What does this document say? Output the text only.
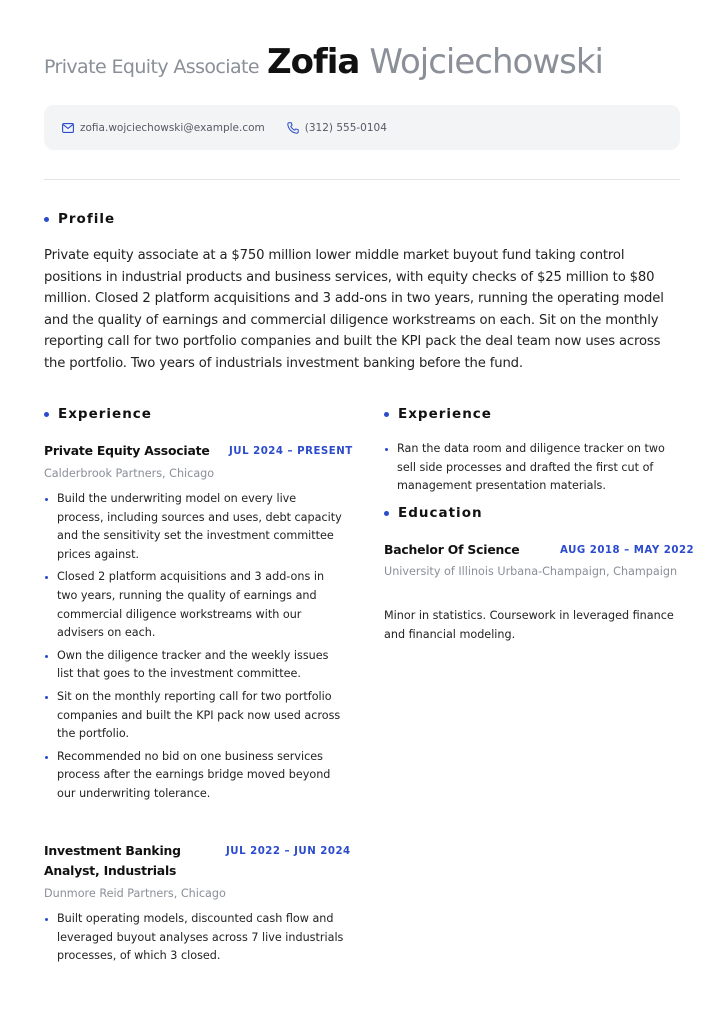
Private Equity Associate Zofia Wojciechowski
zofia.wojciechowski@example.com	(312) 555-0104
Profile
Private equity associate at a $750 million lower middle market buyout fund taking control positions in industrial products and business services, with equity checks of $25 million to $80 million. Closed 2 platform acquisitions and 3 add-ons in two years, running the operating model and the quality of earnings and commercial diligence workstreams on each. Sit on the monthly reporting call for two portfolio companies and built the KPI pack the deal team now uses across the portfolio. Two years of industrials investment banking before the fund.
Experience
Private Equity Associate	JUL 2024 – PRESENT
Calderbrook Partners, Chicago
Build the underwriting model on every live process, including sources and uses, debt capacity and the sensitivity set the investment committee prices against.
Closed 2 platform acquisitions and 3 add-ons in two years, running the quality of earnings and commercial diligence workstreams with our advisers on each.
Own the diligence tracker and the weekly issues list that goes to the investment committee.
Sit on the monthly reporting call for two portfolio companies and built the KPI pack now used across the portfolio.
Recommended no bid on one business services process after the earnings bridge moved beyond our underwriting tolerance.
Investment Banking Analyst, Industrials
JUL 2022 – JUN 2024
Dunmore Reid Partners, Chicago
Built operating models, discounted cash flow and leveraged buyout analyses across 7 live industrials processes, of which 3 closed.
Experience
Ran the data room and diligence tracker on two sell side processes and drafted the first cut of management presentation materials.
Education
Bachelor Of Science	AUG 2018 – MAY 2022
University of Illinois Urbana-Champaign, Champaign
Minor in statistics. Coursework in leveraged finance and financial modeling.
